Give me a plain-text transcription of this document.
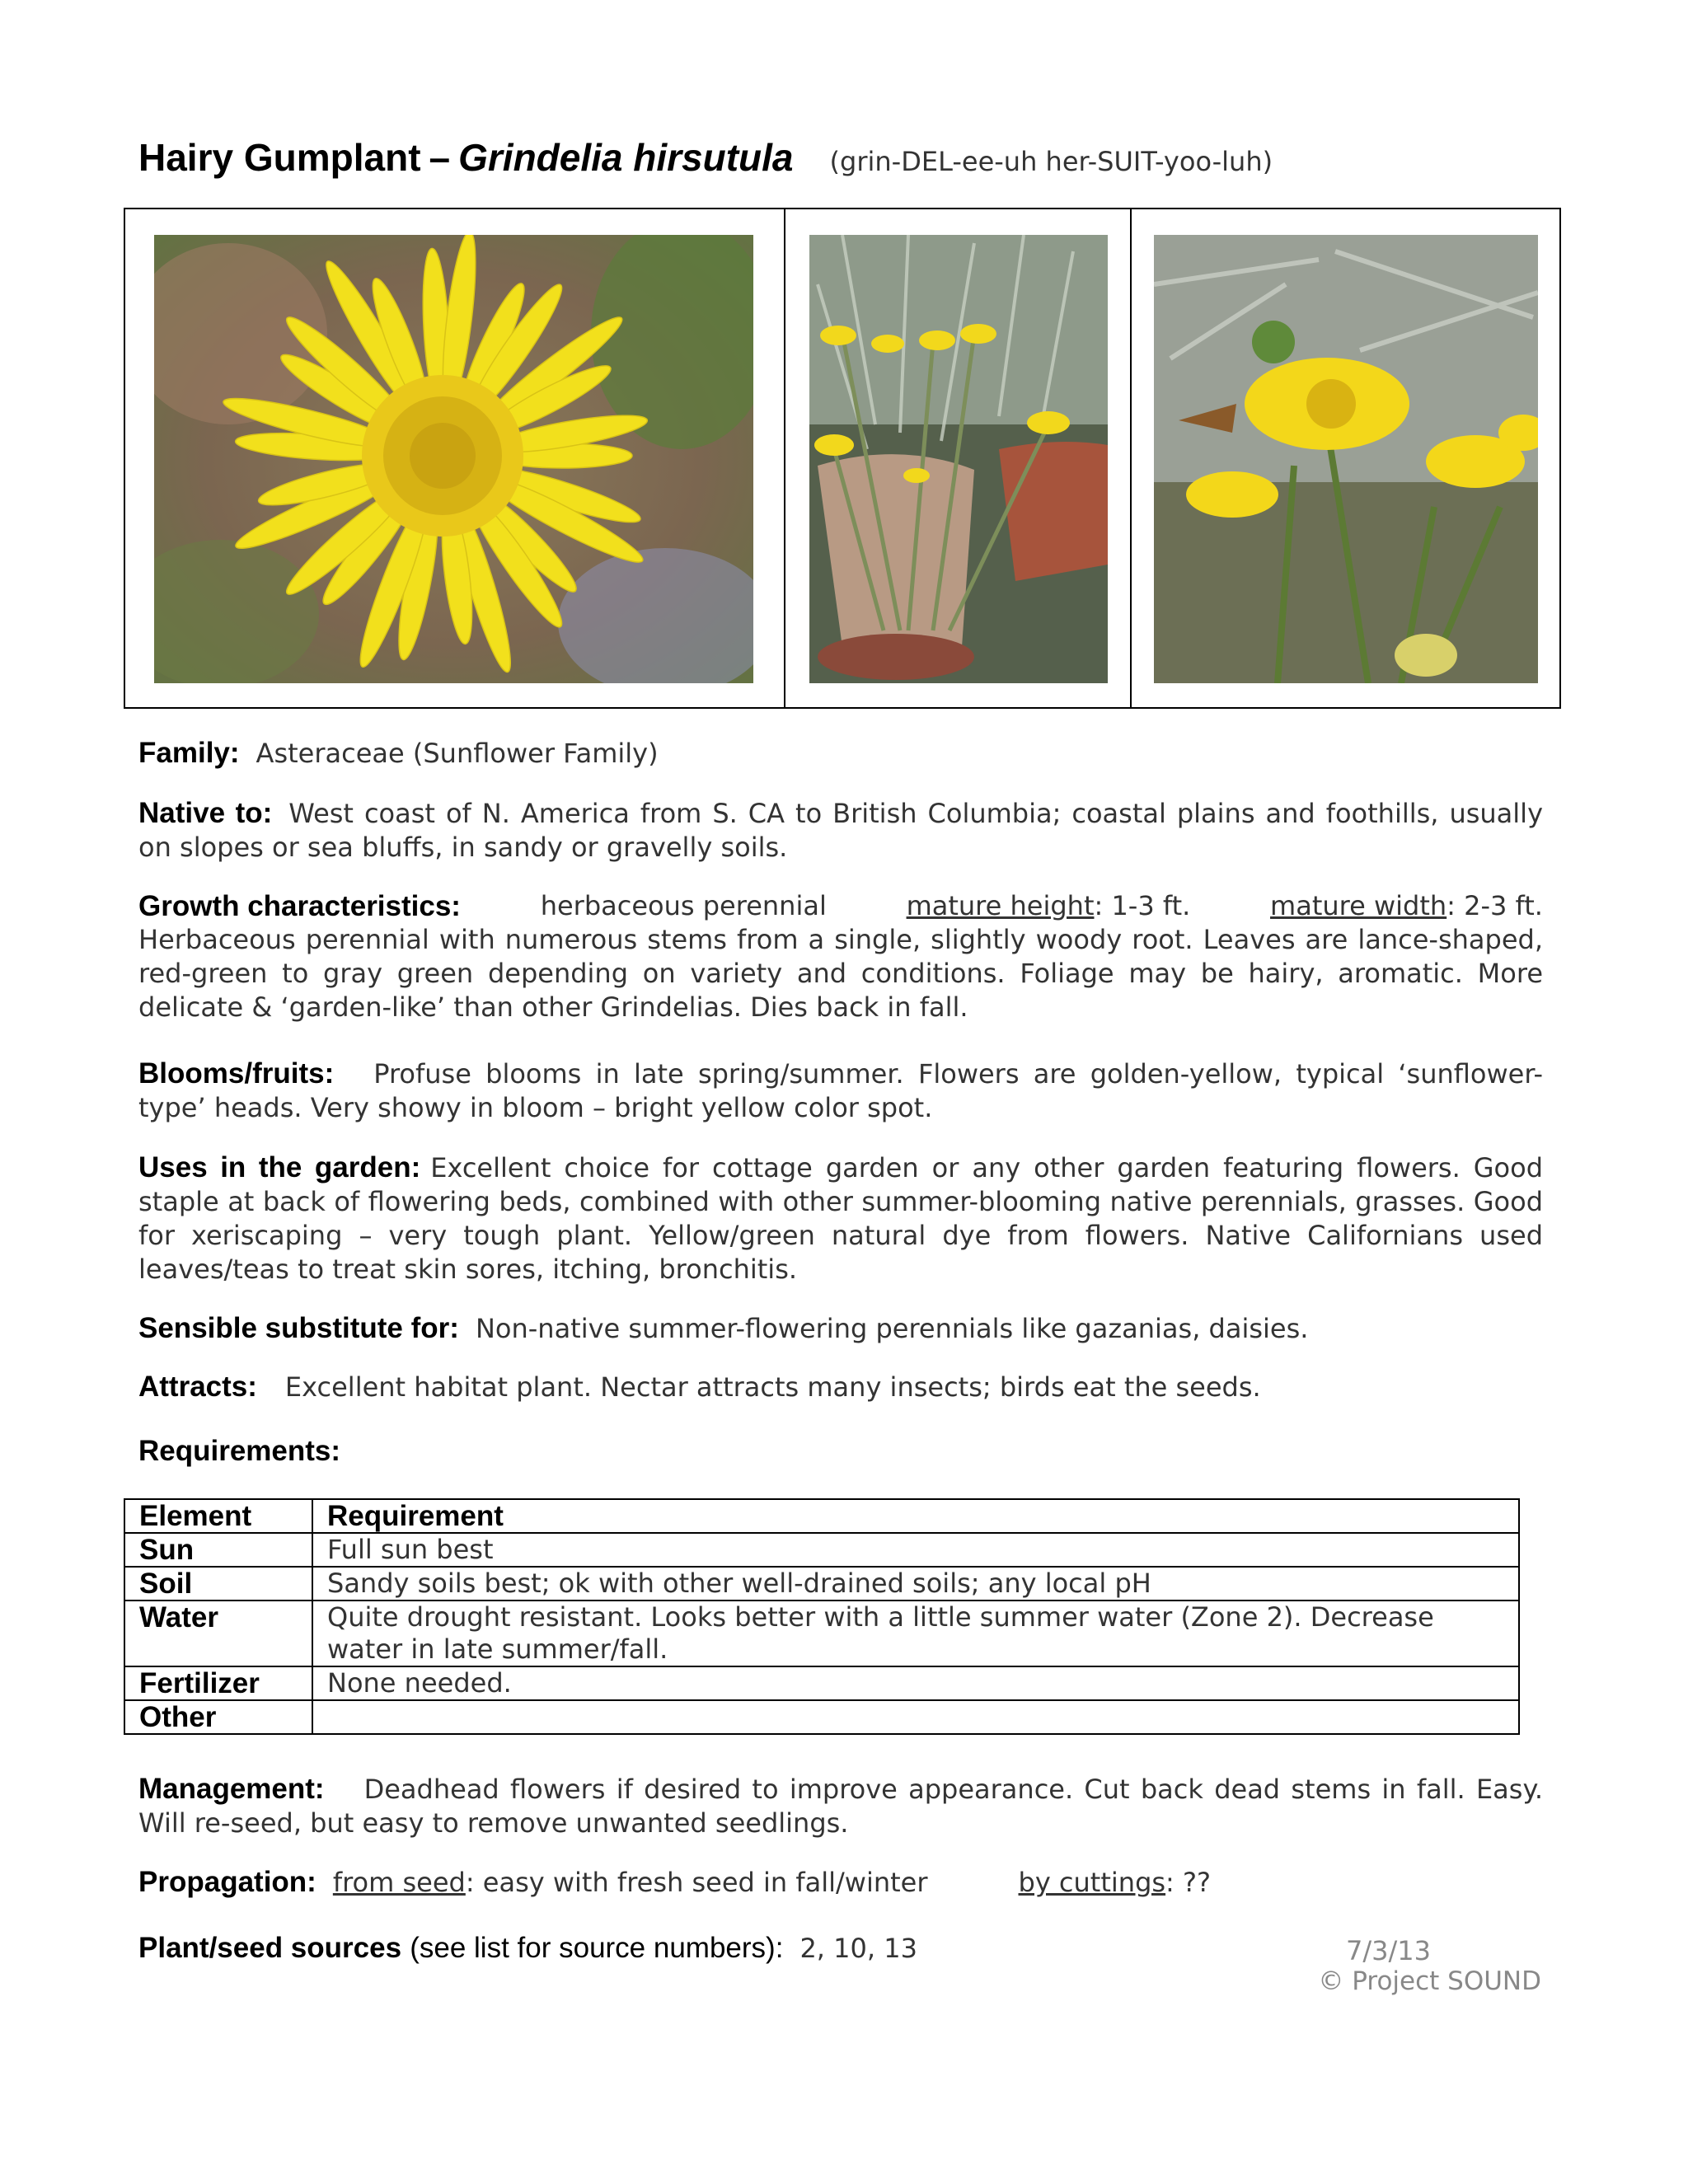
Hairy Gumplant – Grindelia hirsutula (grin-DEL-ee-uh her-SUIT-yoo-luh)
Family: Asteraceae (Sunflower Family)
Native to: West coast of N. America from S. CA to British Columbia; coastal plains and foothills, usually on slopes or sea bluffs, in sandy or gravelly soils.
Growth characteristics:	herbaceous perennial	mature height: 1-3 ft.	mature width: 2-3 ft.
Herbaceous perennial with numerous stems from a single, slightly woody root. Leaves are lance-shaped, red-green to gray green depending on variety and conditions. Foliage may be hairy, aromatic. More delicate & ‘garden-like’ than other Grindelias. Dies back in fall.
Blooms/fruits: Profuse blooms in late spring/summer. Flowers are golden-yellow, typical ‘sunflower-type’ heads. Very showy in bloom – bright yellow color spot.
Uses in the garden: Excellent choice for cottage garden or any other garden featuring flowers. Good staple at back of flowering beds, combined with other summer-blooming native perennials, grasses. Good for xeriscaping – very tough plant. Yellow/green natural dye from flowers. Native Californians used leaves/teas to treat skin sores, itching, bronchitis.
Sensible substitute for: Non-native summer-flowering perennials like gazanias, daisies.
Attracts: Excellent habitat plant. Nectar attracts many insects; birds eat the seeds.
Requirements:
Element	Requirement
Sun	Full sun best
Soil	Sandy soils best; ok with other well-drained soils; any local pH
Water	Quite drought resistant. Looks better with a little summer water (Zone 2). Decrease water in late summer/fall.
Fertilizer	None needed.
Other	
Management: Deadhead flowers if desired to improve appearance. Cut back dead stems in fall. Easy. Will re-seed, but easy to remove unwanted seedlings.
Propagation: from seed: easy with fresh seed in fall/winter	by cuttings: ??
Plant/seed sources (see list for source numbers): 2, 10, 13	7/3/13
© Project SOUND
